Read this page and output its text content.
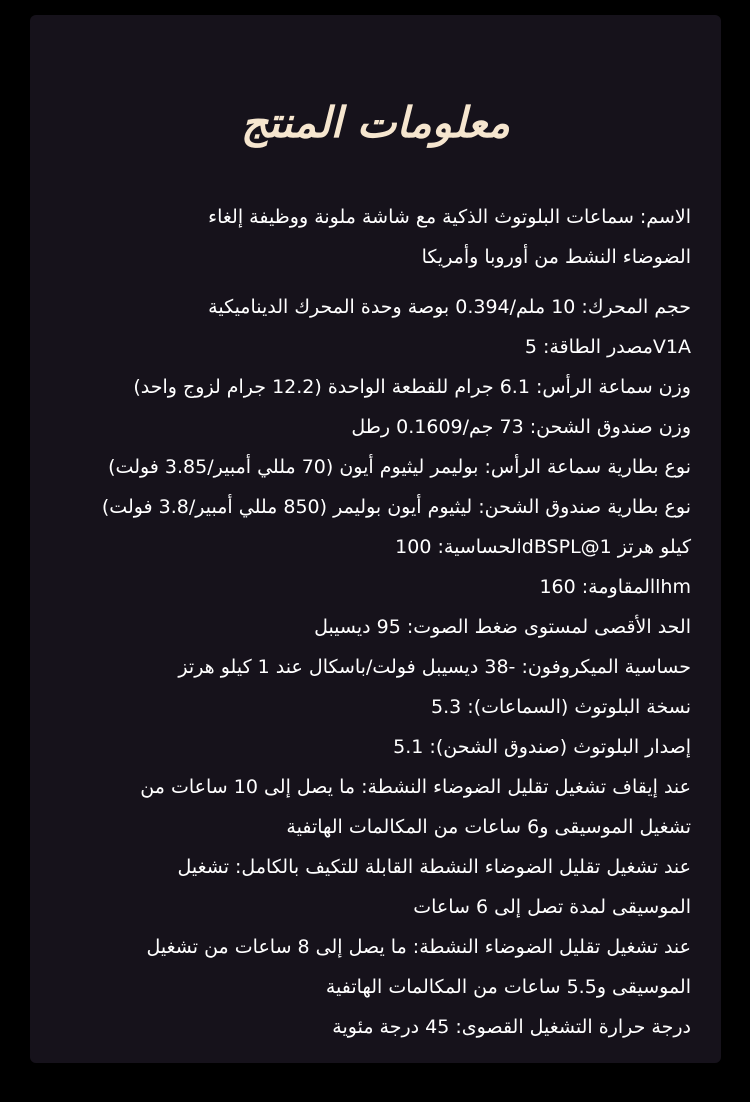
معلومات المنتج
الاسم: سماعات البلوتوث الذكية مع شاشة ملونة ووظيفة إلغاء
الضوضاء النشط من أوروبا وأمريكا
حجم المحرك: 10 ملم/0.394 بوصة وحدة المحرك الديناميكية
V1Aمصدر الطاقة: 5
وزن سماعة الرأس: 6.1 جرام للقطعة الواحدة (12.2 جرام لزوج واحد)
وزن صندوق الشحن: 73 جم/0.1609 رطل
نوع بطارية سماعة الرأس: بوليمر ليثيوم أيون (70 مللي أمبير/3.85 فولت)
نوع بطارية صندوق الشحن: ليثيوم أيون بوليمر (850 مللي أمبير/3.8 فولت)
كيلو هرتز dBSPL@1الحساسية: 100
lhmالمقاومة: 160
الحد الأقصى لمستوى ضغط الصوت: 95 ديسيبل
حساسية الميكروفون: -38 ديسيبل فولت/باسكال عند 1 كيلو هرتز
نسخة البلوتوث (السماعات): 5.3
إصدار البلوتوث (صندوق الشحن): 5.1
عند إيقاف تشغيل تقليل الضوضاء النشطة: ما يصل إلى 10 ساعات من
تشغيل الموسيقى و6 ساعات من المكالمات الهاتفية
عند تشغيل تقليل الضوضاء النشطة القابلة للتكيف بالكامل: تشغيل
الموسيقى لمدة تصل إلى 6 ساعات
عند تشغيل تقليل الضوضاء النشطة: ما يصل إلى 8 ساعات من تشغيل
الموسيقى و5.5 ساعات من المكالمات الهاتفية
درجة حرارة التشغيل القصوى: 45 درجة مئوية
